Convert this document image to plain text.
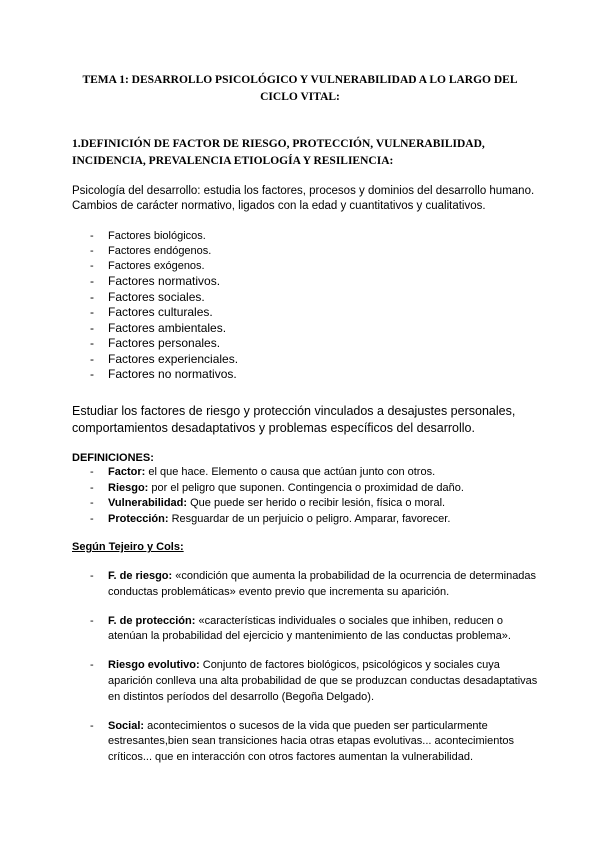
TEMA 1: DESARROLLO PSICOLÓGICO Y VULNERABILIDAD A LO LARGO DEL CICLO VITAL:
1.DEFINICIÓN DE FACTOR DE RIESGO, PROTECCIÓN, VULNERABILIDAD, INCIDENCIA, PREVALENCIA ETIOLOGÍA Y RESILIENCIA:

Psicología del desarrollo: estudia los factores, procesos y dominios del desarrollo humano.

Cambios de carácter normativo, ligados con la edad y cuantitativos y cualitativos.

- Factores biológicos.
- Factores endógenos.
- Factores exógenos.
- Factores normativos.
- Factores sociales.
- Factores culturales.
- Factores ambientales.
- Factores personales.
- Factores experienciales.
- Factores no normativos.

Estudiar los factores de riesgo y protección vinculados a desajustes personales, comportamientos desadaptativos y problemas específicos del desarrollo.

DEFINICIONES:

- Factor: el que hace. Elemento o causa que actúan junto con otros.
- Riesgo: por el peligro que suponen. Contingencia o proximidad de daño.
- Vulnerabilidad: Que puede ser herido o recibir lesión, física o moral.
- Protección: Resguardar de un perjuicio o peligro. Amparar, favorecer.

Según Tejeiro y Cols:

- F. de riesgo: «condición que aumenta la probabilidad de la ocurrencia de determinadas conductas problemáticas» evento previo que incrementa su aparición.
- F. de protección: «características individuales o sociales que inhiben, reducen o atenúan la probabilidad del ejercicio y mantenimiento de las conductas problema».
- Riesgo evolutivo: Conjunto de factores biológicos, psicológicos y sociales cuya aparición conlleva una alta probabilidad de que se produzcan conductas desadaptativas en distintos períodos del desarrollo (Begoña Delgado).
- Social: acontecimientos o sucesos de la vida que pueden ser particularmente estresantes,bien sean transiciones hacia otras etapas evolutivas... acontecimientos críticos... que en interacción con otros factores aumentan la vulnerabilidad.
